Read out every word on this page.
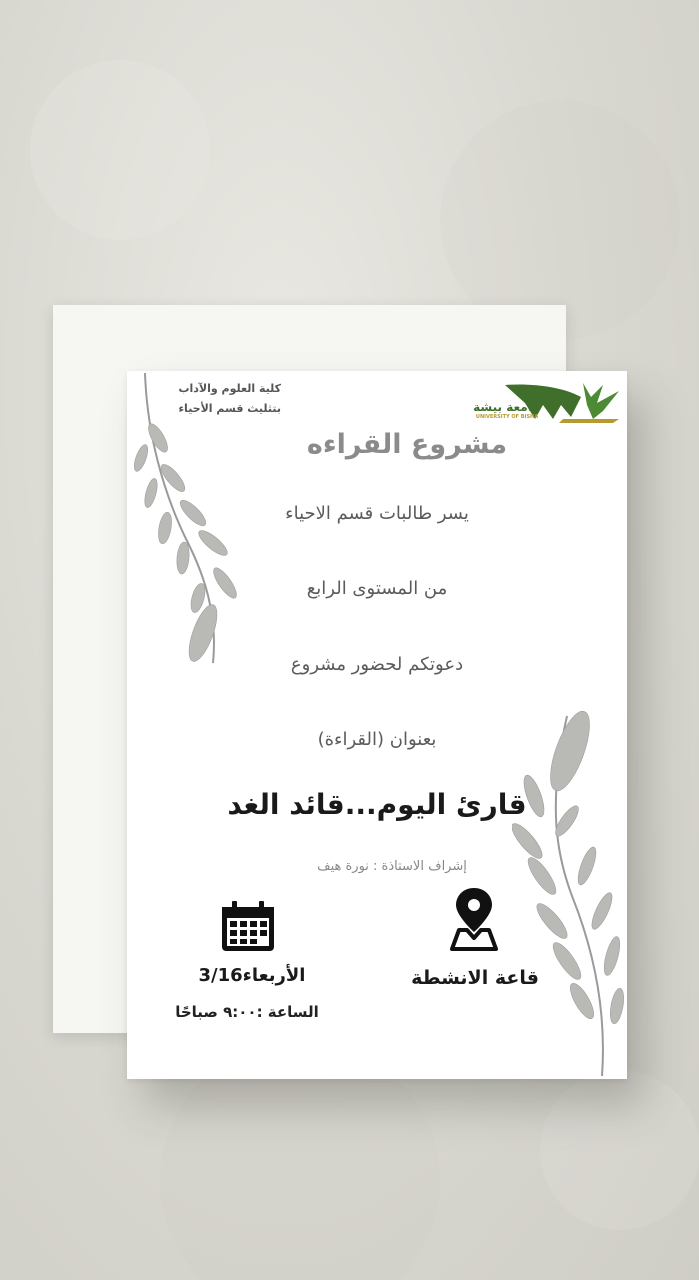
كلية العلوم والآداب
بتثليث قسم الأحياء	جامعة بيشة
UNIVERSITY OF BISHA
مشروع القراءه
يسر طالبات قسم الاحياء
من المستوى الرابع
دعوتكم لحضور مشروع
بعنوان (القراءة)
قارئ اليوم...قائد الغد
إشراف الاستاذة : نورة هيف
الأربعاء3/16
الساعة :٩:٠٠ صباحًا
قاعة الانشطة
